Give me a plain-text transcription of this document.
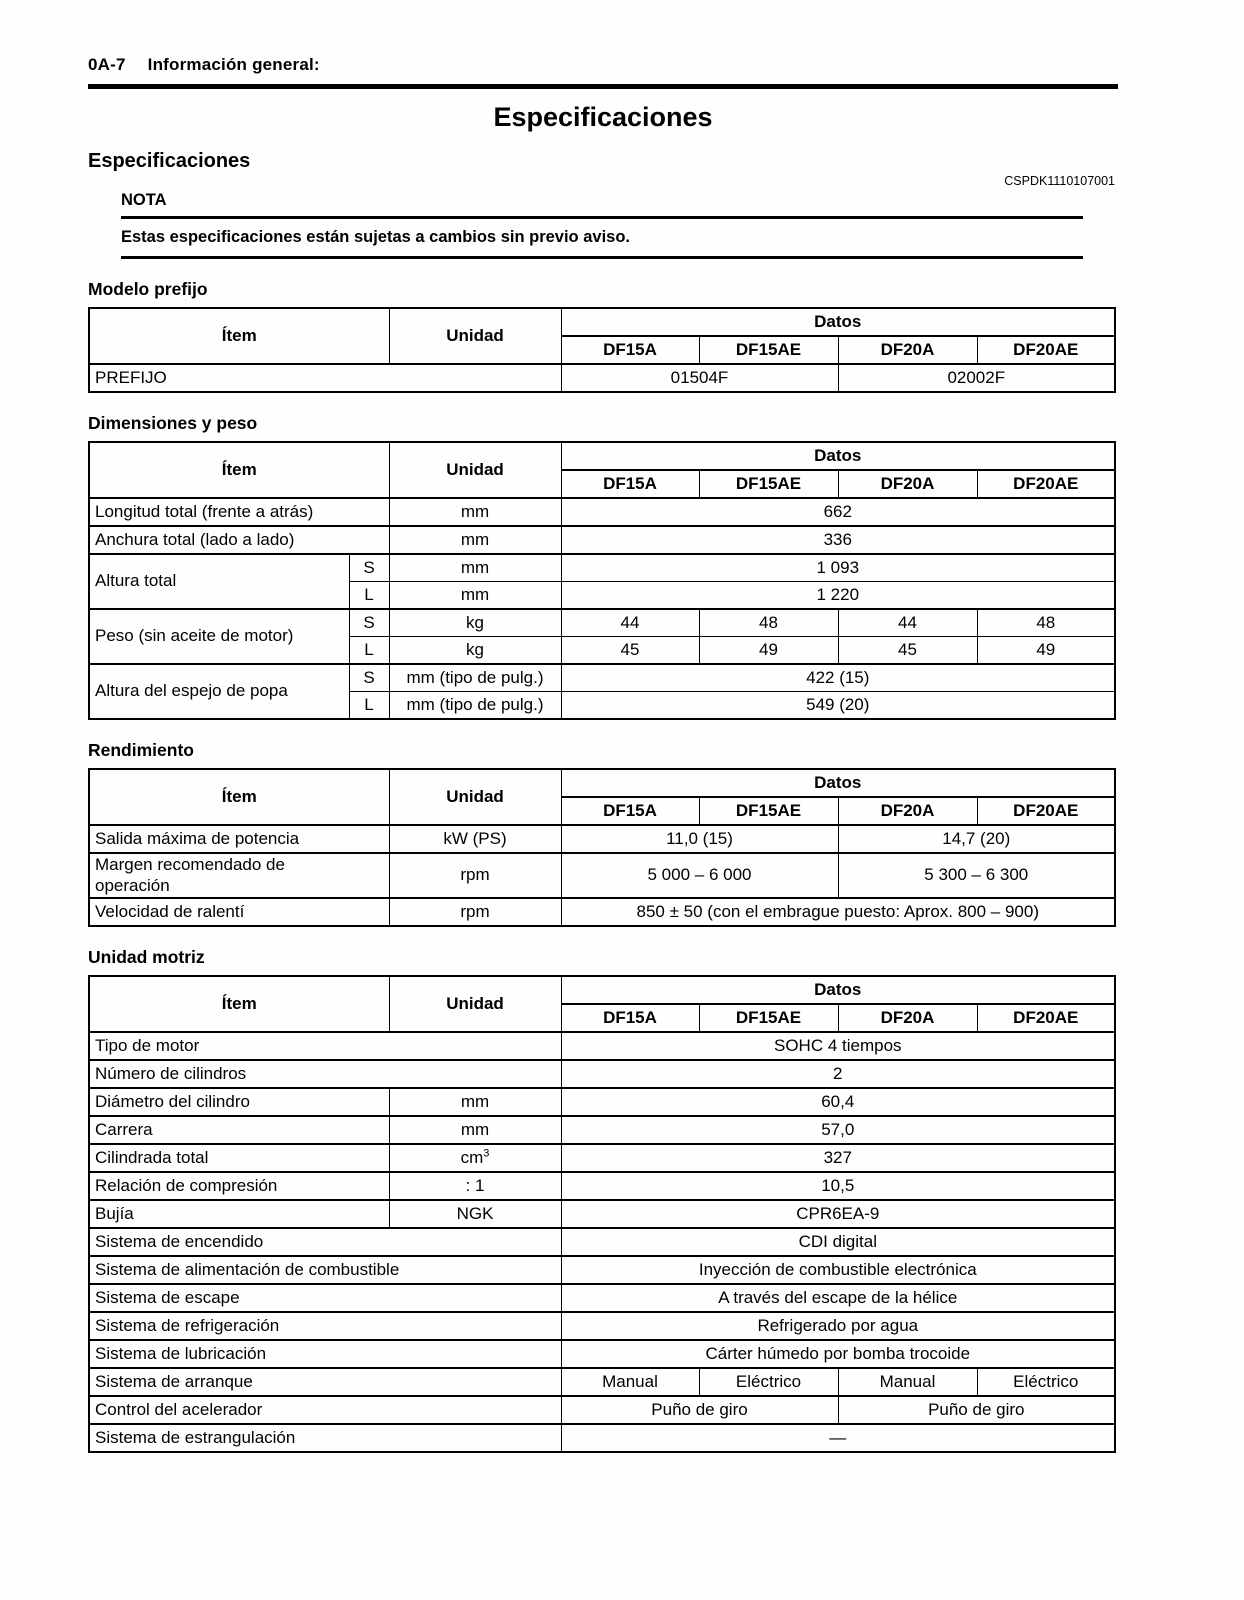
0A-7 Información general:
Especificaciones
Especificaciones
CSPDK1110107001
NOTA
Estas especificaciones están sujetas a cambios sin previo aviso.
Modelo prefijo
Ítem	Unidad	Datos			
		DF15A	DF15AE	DF20A	DF20AE
PREFIJO		01504F		02002F	
Dimensiones y peso
Ítem		Unidad	Datos			
			DF15A	DF15AE	DF20A	DF20AE
Longitud total (frente a atrás)		mm	662			
Anchura total (lado a lado)		mm	336			
Altura total	S	mm	1 093			
	L	mm	1 220			
Peso (sin aceite de motor)	S	kg	44	48	44	48
	L	kg	45	49	45	49
Altura del espejo de popa	S	mm (tipo de pulg.)	422 (15)			
	L	mm (tipo de pulg.)	549 (20)			
Rendimiento
Ítem	Unidad	Datos			
		DF15A	DF15AE	DF20A	DF20AE
Salida máxima de potencia	kW (PS)	11,0 (15)		14,7 (20)	

Margen recomendado de operación	rpm	5 000 – 6 000		5 300 – 6 300	
Velocidad de ralentí	rpm	850 ± 50 (con el embrague puesto: Aprox. 800 – 900)			
Unidad motriz
Ítem	Unidad	Datos			
		DF15A	DF15AE	DF20A	DF20AE
Tipo de motor		SOHC 4 tiempos			
Número de cilindros		2			
Diámetro del cilindro	mm	60,4			
Carrera	mm	57,0			
Cilindrada total	$cm^3$	327			
Relación de compresión	: 1	10,5			
Bujía	NGK	CPR6EA-9			
Sistema de encendido		CDI digital			
Sistema de alimentación de combustible		Inyección de combustible electrónica			
Sistema de escape		A través del escape de la hélice			
Sistema de refrigeración		Refrigerado por agua			
Sistema de lubricación		Cárter húmedo por bomba trocoide			
Sistema de arranque		Manual	Eléctrico	Manual	Eléctrico
Control del acelerador		Puño de giro		Puño de giro	
Sistema de estrangulación		—			
